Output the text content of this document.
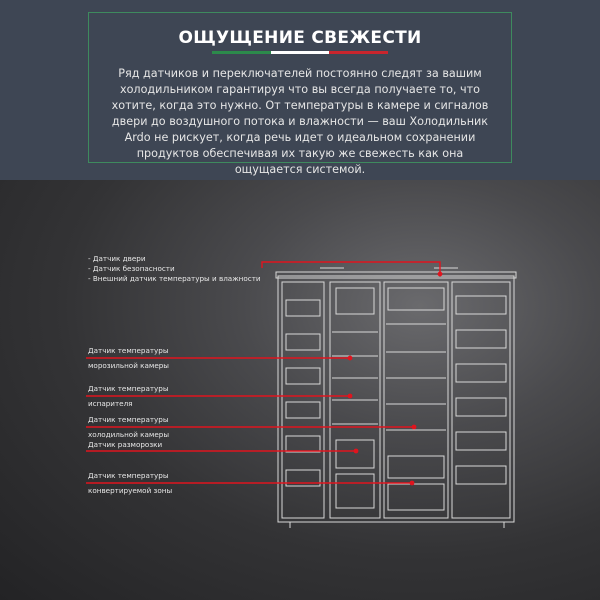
ОЩУЩЕНИЕ СВЕЖЕСТИ
Ряд датчиков и переключателей постоянно следят за вашим холодильником гарантируя что вы всегда получаете то, что хотите, когда это нужно. От температуры в камере и сигналов двери до воздушного потока и влажности — ваш Холодильник Ardo не рискует, когда речь идет о идеальном сохранении продуктов обеспечивая их такую же свежесть как она ощущается системой.
- Датчик двери
- Датчик безопасности
- Внешний датчик температуры и влажности
Датчик температуры
морозильной камеры
Датчик температуры
испарителя
Датчик температуры
холодильной камеры
Датчик разморозки
Датчик температуры
конвертируемой зоны
